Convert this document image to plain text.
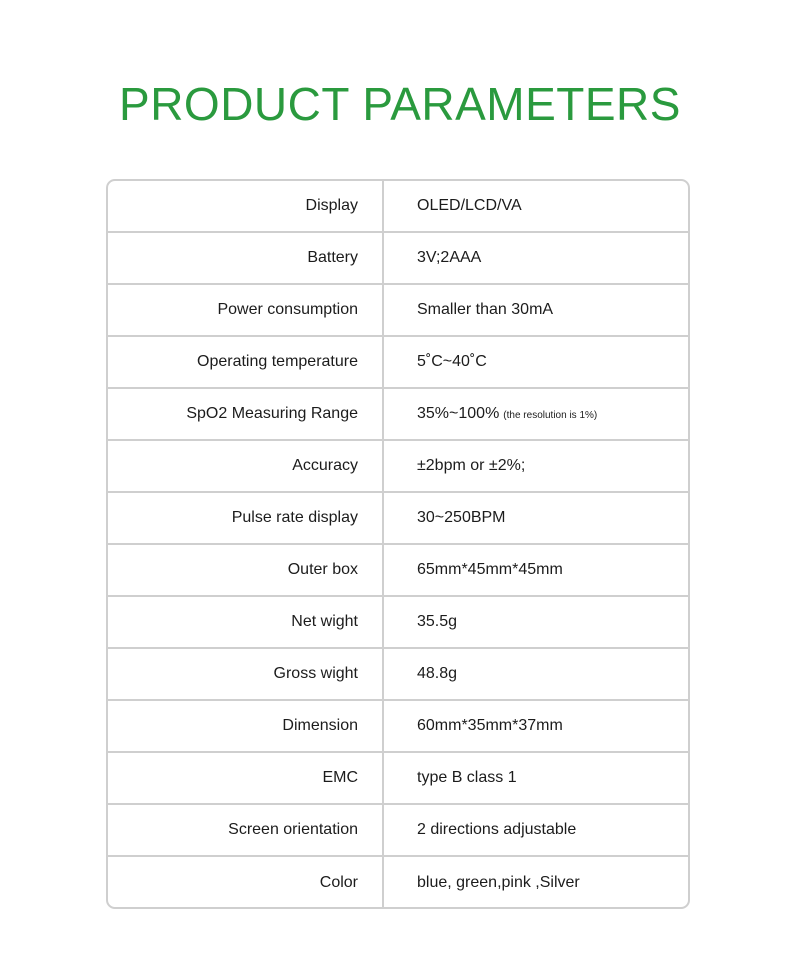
PRODUCT PARAMETERS
Display	OLED/LCD/VA
Battery	3V;2AAA
Power consumption	Smaller than 30mA
Operating temperature	5˚C~40˚C
SpO2 Measuring Range	35%~100% (the resolution is 1%)
Accuracy	±2bpm or ±2%;
Pulse rate display	30~250BPM
Outer box	65mm*45mm*45mm
Net wight	35.5g
Gross wight	48.8g
Dimension	60mm*35mm*37mm
EMC	type B class 1
Screen orientation	2 directions adjustable
Color	blue, green,pink ,Silver
